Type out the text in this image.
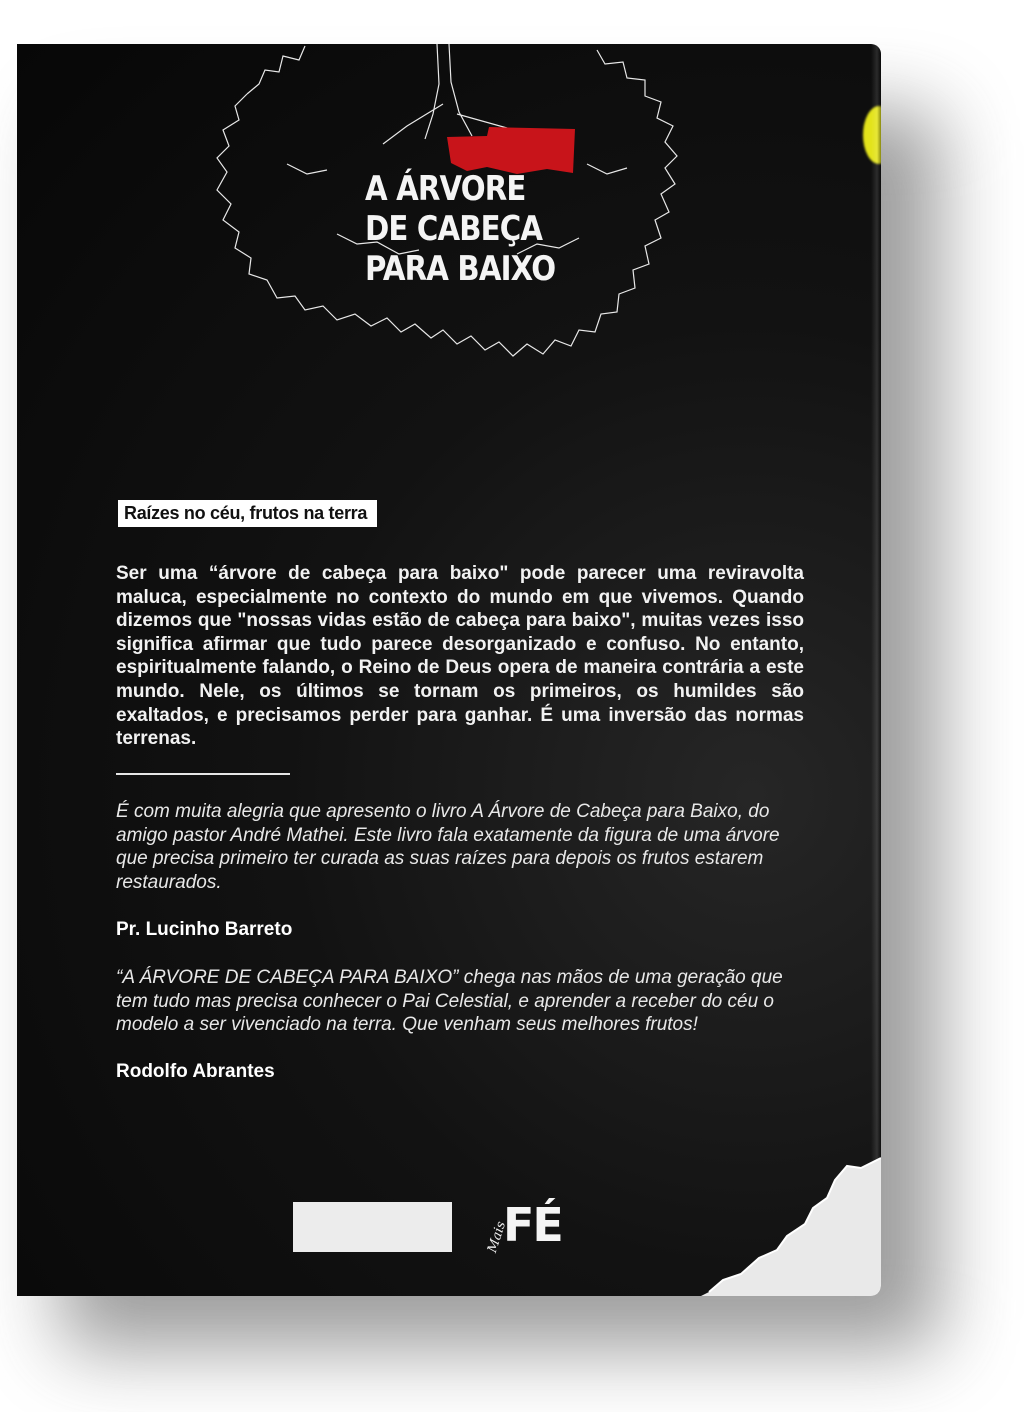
A ÁRVORE
DE CABEÇA
PARA BAIXO
Raízes no céu, frutos na terra

Ser uma “árvore de cabeça para baixo" pode parecer uma reviravolta maluca, especialmente no contexto do mundo em que vivemos. Quando dizemos que "nossas vidas estão de cabeça para baixo", muitas vezes isso significa afirmar que tudo parece desorganizado e confuso. No entanto, espiritualmente falando, o Reino de Deus opera de maneira contrária a este mundo. Nele, os últimos se tornam os primeiros, os humildes são exaltados, e precisamos perder para ganhar. É uma inversão das normas terrenas.

É com muita alegria que apresento o livro A Árvore de Cabeça para Baixo, do amigo pastor André Mathei. Este livro fala exatamente da figura de uma árvore que precisa primeiro ter curada as suas raízes para depois os frutos estarem restaurados.

Pr. Lucinho Barreto

“A ÁRVORE DE CABEÇA PARA BAIXO” chega nas mãos de uma geração que tem tudo mas precisa conhecer o Pai Celestial, e aprender a receber do céu o modelo a ser vivenciado na terra. Que venham seus melhores frutos!

Rodolfo Abrantes
Mais
FÉ
